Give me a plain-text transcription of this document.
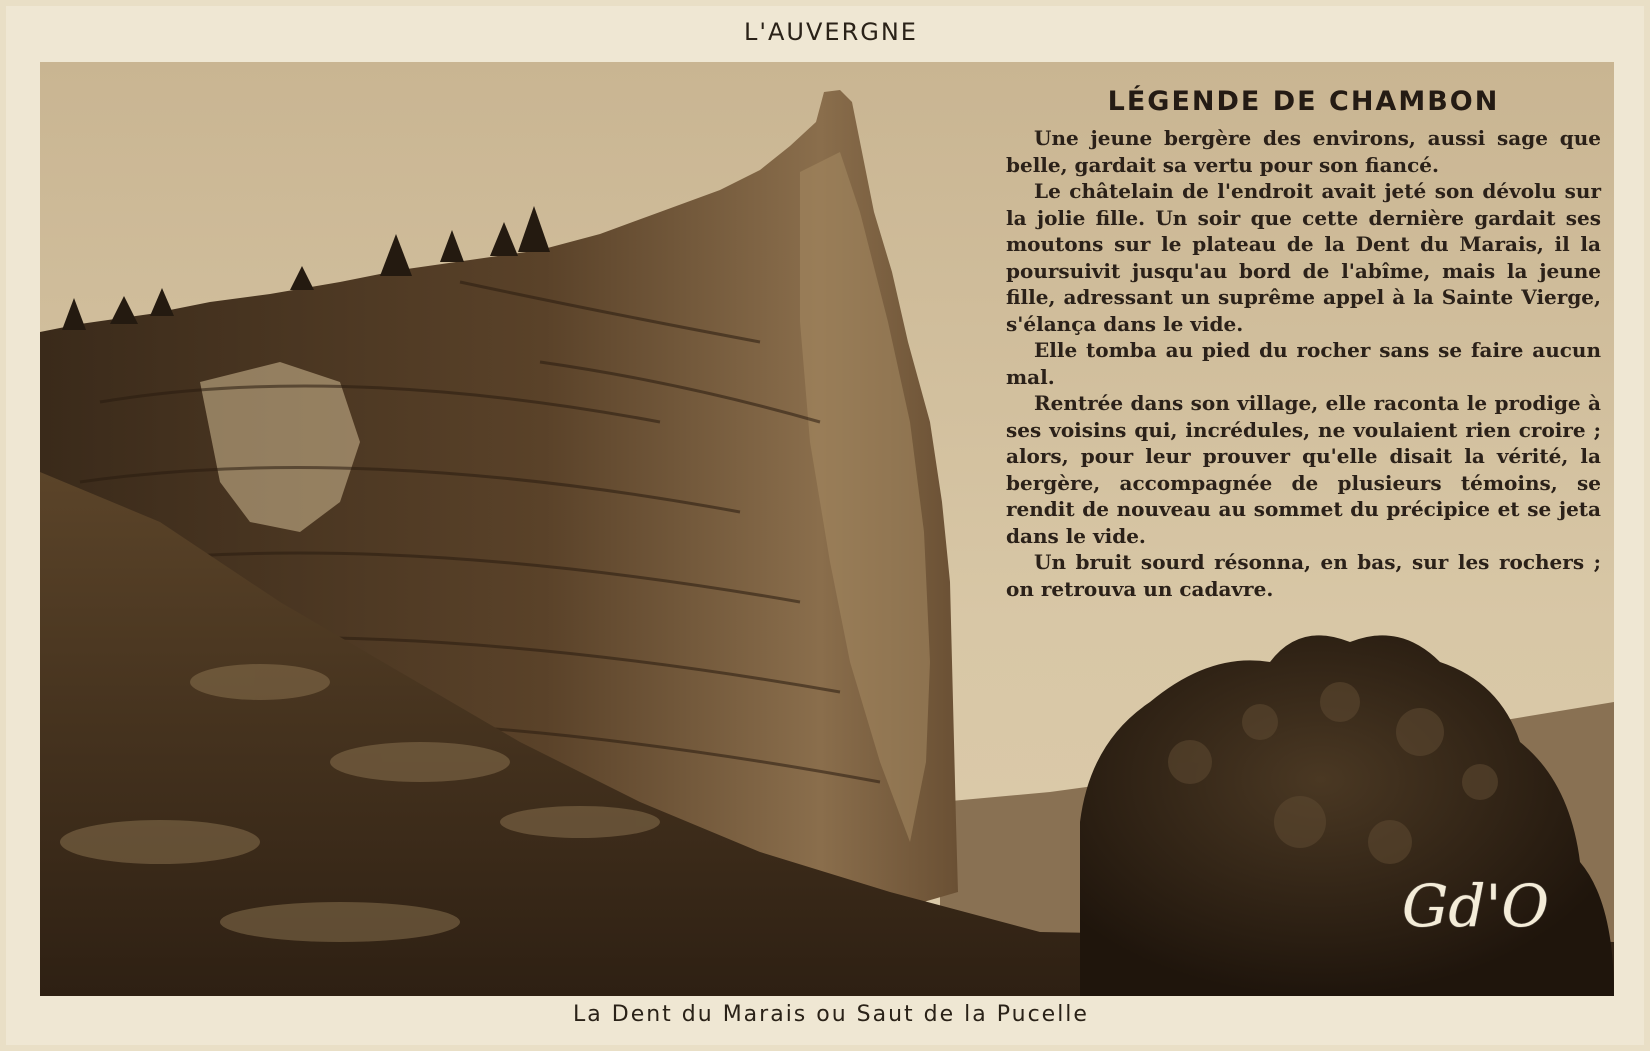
L'AUVERGNE
LÉGENDE DE CHAMBON

Une jeune bergère des environs, aussi sage que belle, gardait sa vertu pour son fiancé.

Le châtelain de l'endroit avait jeté son dévolu sur la jolie fille. Un soir que cette dernière gardait ses moutons sur le plateau de la Dent du Marais, il la poursuivit jusqu'au bord de l'abîme, mais la jeune fille, adressant un suprême appel à la Sainte Vierge, s'élança dans le vide.

Elle tomba au pied du rocher sans se faire aucun mal.

Rentrée dans son village, elle raconta le prodige à ses voisins qui, incrédules, ne voulaient rien croire ; alors, pour leur prouver qu'elle disait la vérité, la bergère, accompagnée de plusieurs témoins, se rendit de nouveau au sommet du précipice et se jeta dans le vide.

Un bruit sourd résonna, en bas, sur les rochers ; on retrouva un cadavre.

Gd'O
La Dent du Marais ou Saut de la Pucelle
